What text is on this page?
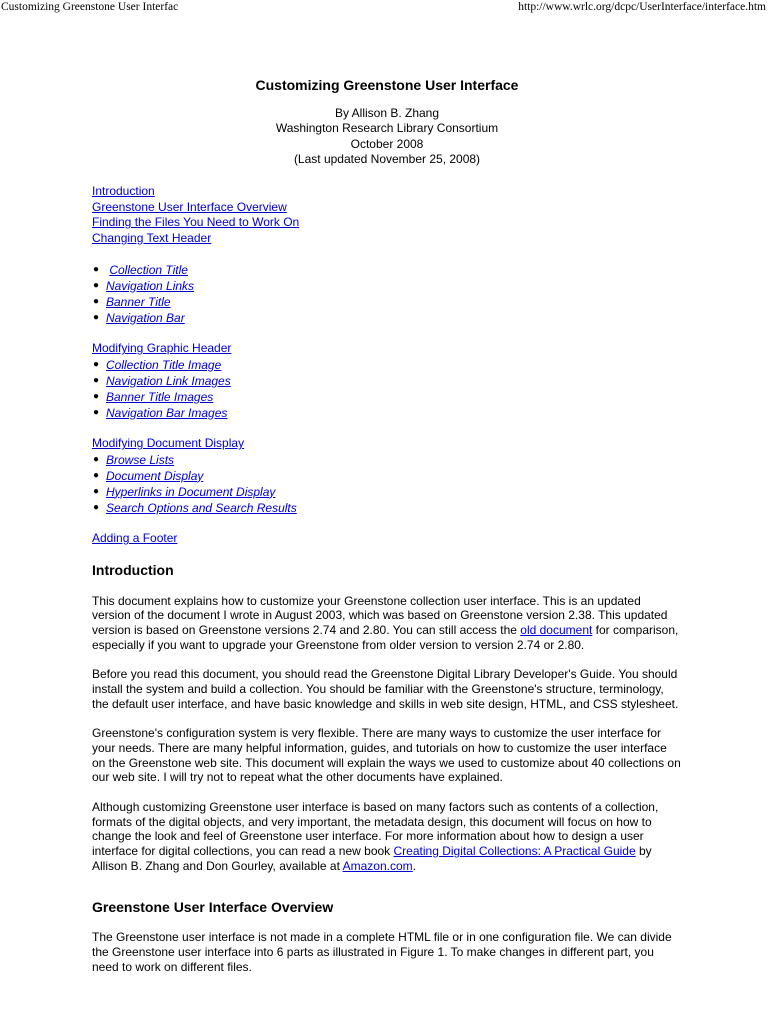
Customizing Greenstone User Interfac	http://www.wrlc.org/dcpc/UserInterface/interface.htm
Customizing Greenstone User Interface
By Allison B. Zhang
Washington Research Library Consortium
October 2008
(Last updated November 25, 2008)
Introduction
Greenstone User Interface Overview
Finding the Files You Need to Work On
Changing Text Header
● Collection Title
● Navigation Links
● Banner Title
● Navigation Bar
Modifying Graphic Header
● Collection Title Image
● Navigation Link Images
● Banner Title Images
● Navigation Bar Images
Modifying Document Display
● Browse Lists
● Document Display
● Hyperlinks in Document Display
● Search Options and Search Results
Adding a Footer
Introduction

This document explains how to customize your Greenstone collection user interface. This is an updated version of the document I wrote in August 2003, which was based on Greenstone version 2.38. This updated version is based on Greenstone versions 2.74 and 2.80. You can still access the old document for comparison, especially if you want to upgrade your Greenstone from older version to version 2.74 or 2.80.

Before you read this document, you should read the Greenstone Digital Library Developer's Guide. You should install the system and build a collection. You should be familiar with the Greenstone's structure, terminology, the default user interface, and have basic knowledge and skills in web site design, HTML, and CSS stylesheet.

Greenstone's configuration system is very flexible. There are many ways to customize the user interface for your needs. There are many helpful information, guides, and tutorials on how to customize the user interface on the Greenstone web site. This document will explain the ways we used to customize about 40 collections on our web site. I will try not to repeat what the other documents have explained.

Although customizing Greenstone user interface is based on many factors such as contents of a collection, formats of the digital objects, and very important, the metadata design, this document will focus on how to change the look and feel of Greenstone user interface. For more information about how to design a user interface for digital collections, you can read a new book Creating Digital Collections: A Practical Guide by Allison B. Zhang and Don Gourley, available at Amazon.com.

Greenstone User Interface Overview

The Greenstone user interface is not made in a complete HTML file or in one configuration file. We can divide the Greenstone user interface into 6 parts as illustrated in Figure 1. To make changes in different part, you need to work on different files.
